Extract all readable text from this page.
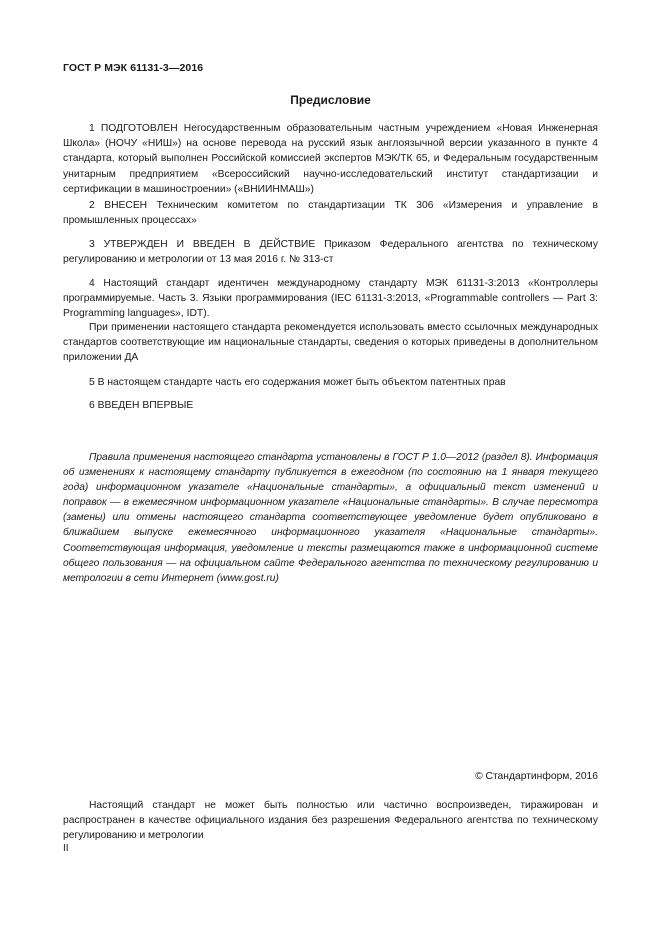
ГОСТ Р МЭК 61131-3—2016
Предисловие

1 ПОДГОТОВЛЕН Негосударственным образовательным частным учреждением «Новая Инженерная Школа» (НОЧУ «НИШ») на основе перевода на русский язык англоязычной версии указанного в пункте 4 стандарта, который выполнен Российской комиссией экспертов МЭК/ТК 65, и Федеральным государственным унитарным предприятием «Всероссийский научно-исследовательский институт стандартизации и сертификации в машиностроении» («ВНИИНМАШ»)

2 ВНЕСЕН Техническим комитетом по стандартизации ТК 306 «Измерения и управление в промышленных процессах»

3 УТВЕРЖДЕН И ВВЕДЕН В ДЕЙСТВИЕ Приказом Федерального агентства по техническому регулированию и метрологии от 13 мая 2016 г. № 313-ст

4 Настоящий стандарт идентичен международному стандарту МЭК 61131-3:2013 «Контроллеры программируемые. Часть 3. Языки программирования (IEC 61131-3:2013, «Programmable controllers — Part 3: Programming languages», IDT).

При применении настоящего стандарта рекомендуется использовать вместо ссылочных международных стандартов соответствующие им национальные стандарты, сведения о которых приведены в дополнительном приложении ДА

5 В настоящем стандарте часть его содержания может быть объектом патентных прав

6 ВВЕДЕН ВПЕРВЫЕ

Правила применения настоящего стандарта установлены в ГОСТ Р 1.0—2012 (раздел 8). Информация об изменениях к настоящему стандарту публикуется в ежегодном (по состоянию на 1 января текущего года) информационном указателе «Национальные стандарты», а официальный текст изменений и поправок — в ежемесячном информационном указателе «Национальные стандарты». В случае пересмотра (замены) или отмены настоящего стандарта соответствующее уведомление будет опубликовано в ближайшем выпуске ежемесячного информационного указателя «Национальные стандарты». Соответствующая информация, уведомление и тексты размещаются также в информационной системе общего пользования — на официальном сайте Федерального агентства по техническому регулированию и метрологии в сети Интернет (www.gost.ru)

© Стандартинформ, 2016

Настоящий стандарт не может быть полностью или частично воспроизведен, тиражирован и распространен в качестве официального издания без разрешения Федерального агентства по техническому регулированию и метрологии

II
